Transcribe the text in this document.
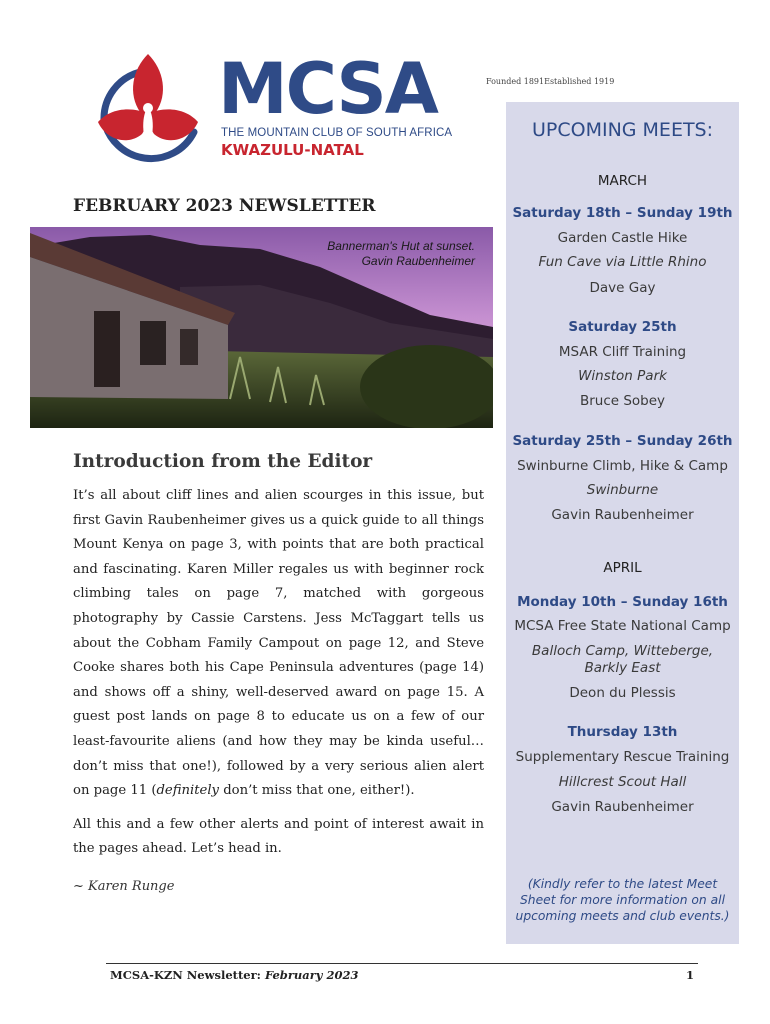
MCSA
THE MOUNTAIN CLUB OF SOUTH AFRICA
KWAZULU-NATAL
Founded 1891Established 1919
FEBRUARY 2023 NEWSLETTER
Bannerman's Hut at sunset.
Gavin Raubenheimer
Introduction from the Editor

It’s all about cliff lines and alien scourges in this issue, but first Gavin Raubenheimer gives us a quick guide to all things Mount Kenya on page 3, with points that are both practical and fascinating. Karen Miller regales us with beginner rock climbing tales on page 7, matched with gorgeous photography by Cassie Carstens. Jess McTaggart tells us about the Cobham Family Campout on page 12, and Steve Cooke shares both his Cape Peninsula adventures (page 14) and shows off a shiny, well-deserved award on page 15. A guest post lands on page 8 to educate us on a few of our least-favourite aliens (and how they may be kinda useful… don’t miss that one!), followed by a very serious alien alert on page 11 (definitely don’t miss that one, either!).

All this and a few other alerts and point of interest await in the pages ahead. Let’s head in.

~ Karen Runge
UPCOMING MEETS:
MARCH
Saturday 18th – Sunday 19th
Garden Castle Hike
Fun Cave via Little Rhino
Dave Gay
Saturday 25th
MSAR Cliff Training
Winston Park
Bruce Sobey
Saturday 25th – Sunday 26th
Swinburne Climb, Hike & Camp
Swinburne
Gavin Raubenheimer
APRIL
Monday 10th – Sunday 16th
MCSA Free State National Camp
Balloch Camp, Witteberge,
Barkly East
Deon du Plessis
Thursday 13th
Supplementary Rescue Training
Hillcrest Scout Hall
Gavin Raubenheimer
(Kindly refer to the latest Meet
Sheet for more information on all
upcoming meets and club events.)
MCSA-KZN Newsletter: February 2023	1
